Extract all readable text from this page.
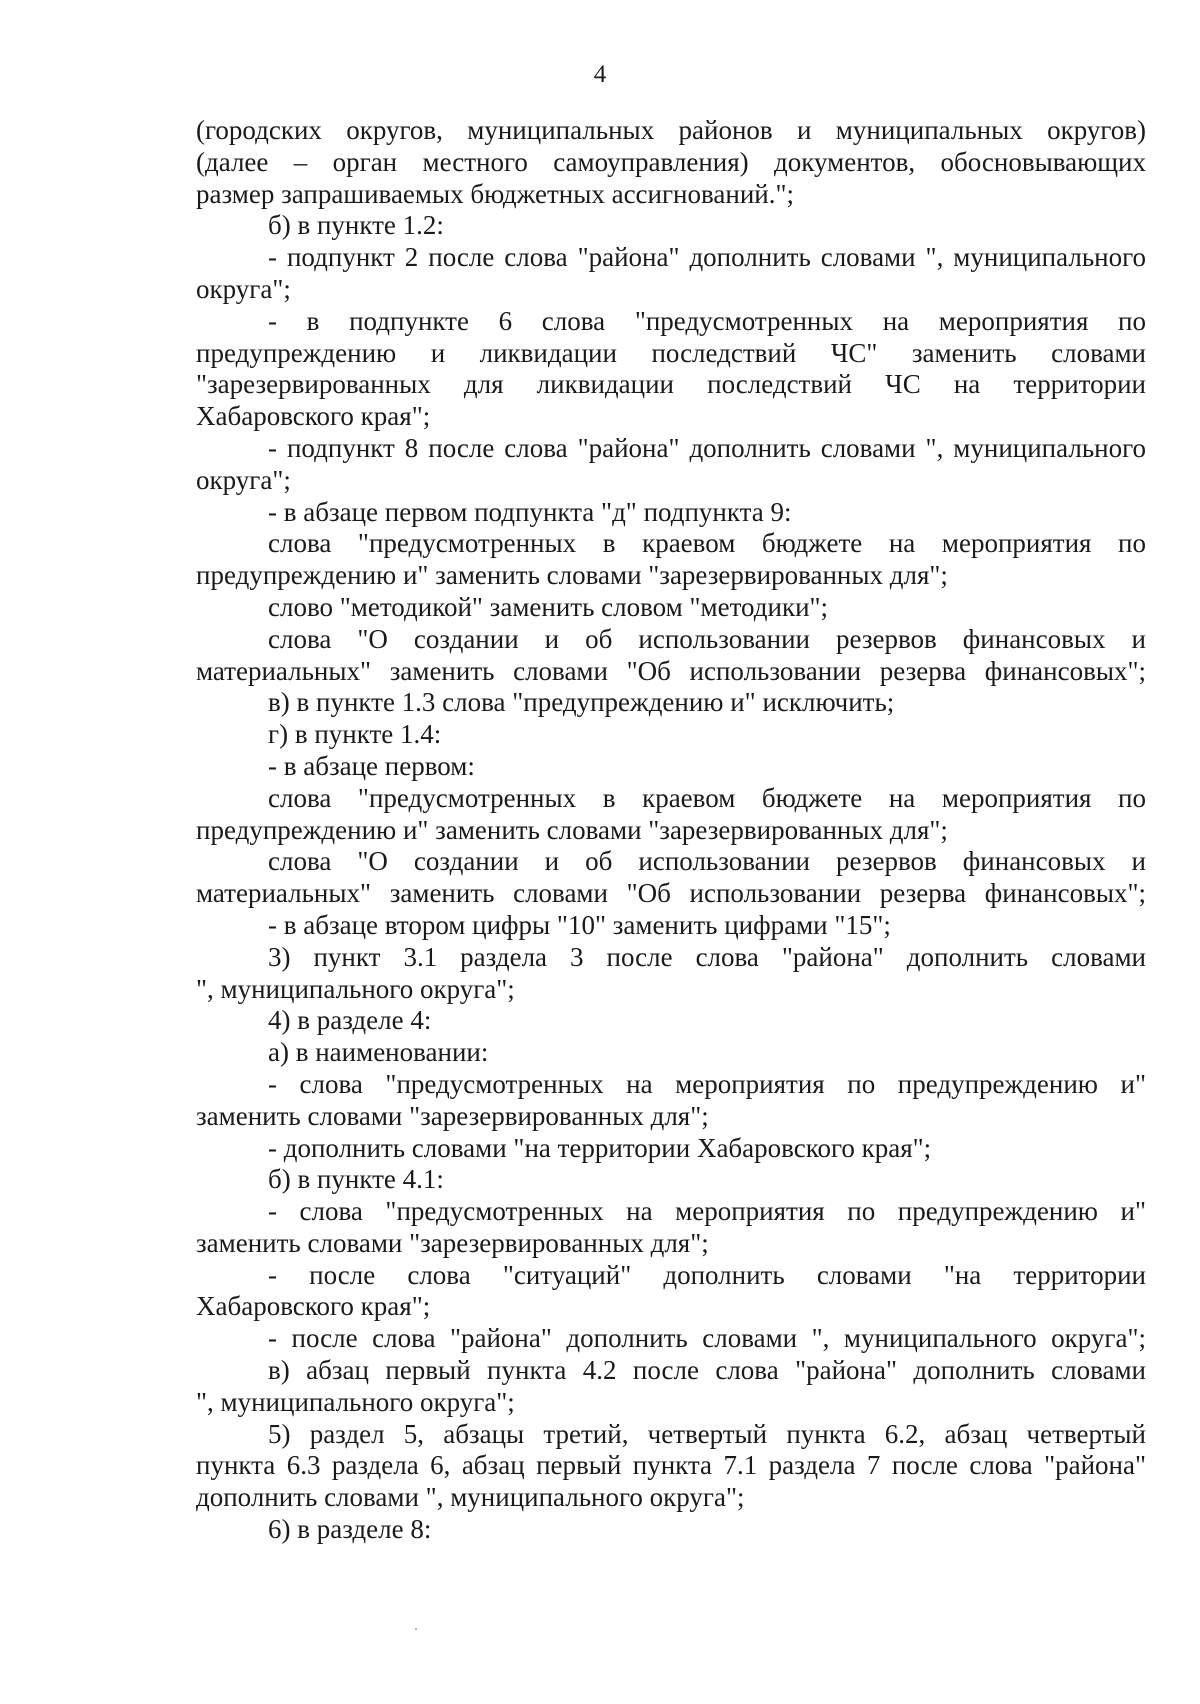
4
(городских округов, муниципальных районов и муниципальных округов)
(далее – орган местного самоуправления) документов, обосновывающих
размер запрашиваемых бюджетных ассигнований.";
б) в пункте 1.2:
- подпункт 2 после слова "района" дополнить словами ", муниципального
округа";
- в подпункте 6 слова "предусмотренных на мероприятия по
предупреждению и ликвидации последствий ЧС" заменить словами
"зарезервированных для ликвидации последствий ЧС на территории
Хабаровского края";
- подпункт 8 после слова "района" дополнить словами ", муниципального
округа";
- в абзаце первом подпункта "д" подпункта 9:
слова "предусмотренных в краевом бюджете на мероприятия по
предупреждению и" заменить словами "зарезервированных для";
слово "методикой" заменить словом "методики";
слова "О создании и об использовании резервов финансовых и
материальных" заменить словами "Об использовании резерва финансовых";
в) в пункте 1.3 слова "предупреждению и" исключить;
г) в пункте 1.4:
- в абзаце первом:
слова "предусмотренных в краевом бюджете на мероприятия по
предупреждению и" заменить словами "зарезервированных для";
слова "О создании и об использовании резервов финансовых и
материальных" заменить словами "Об использовании резерва финансовых";
- в абзаце втором цифры "10" заменить цифрами "15";
3) пункт 3.1 раздела 3 после слова "района" дополнить словами
", муниципального округа";
4) в разделе 4:
а) в наименовании:
- слова "предусмотренных на мероприятия по предупреждению и"
заменить словами "зарезервированных для";
- дополнить словами "на территории Хабаровского края";
б) в пункте 4.1:
- слова "предусмотренных на мероприятия по предупреждению и"
заменить словами "зарезервированных для";
- после слова "ситуаций" дополнить словами "на территории
Хабаровского края";
- после слова "района" дополнить словами ", муниципального округа";
в) абзац первый пункта 4.2 после слова "района" дополнить словами
", муниципального округа";
5) раздел 5, абзацы третий, четвертый пункта 6.2, абзац четвертый
пункта 6.3 раздела 6, абзац первый пункта 7.1 раздела 7 после слова "района"
дополнить словами ", муниципального округа";
6) в разделе 8:
